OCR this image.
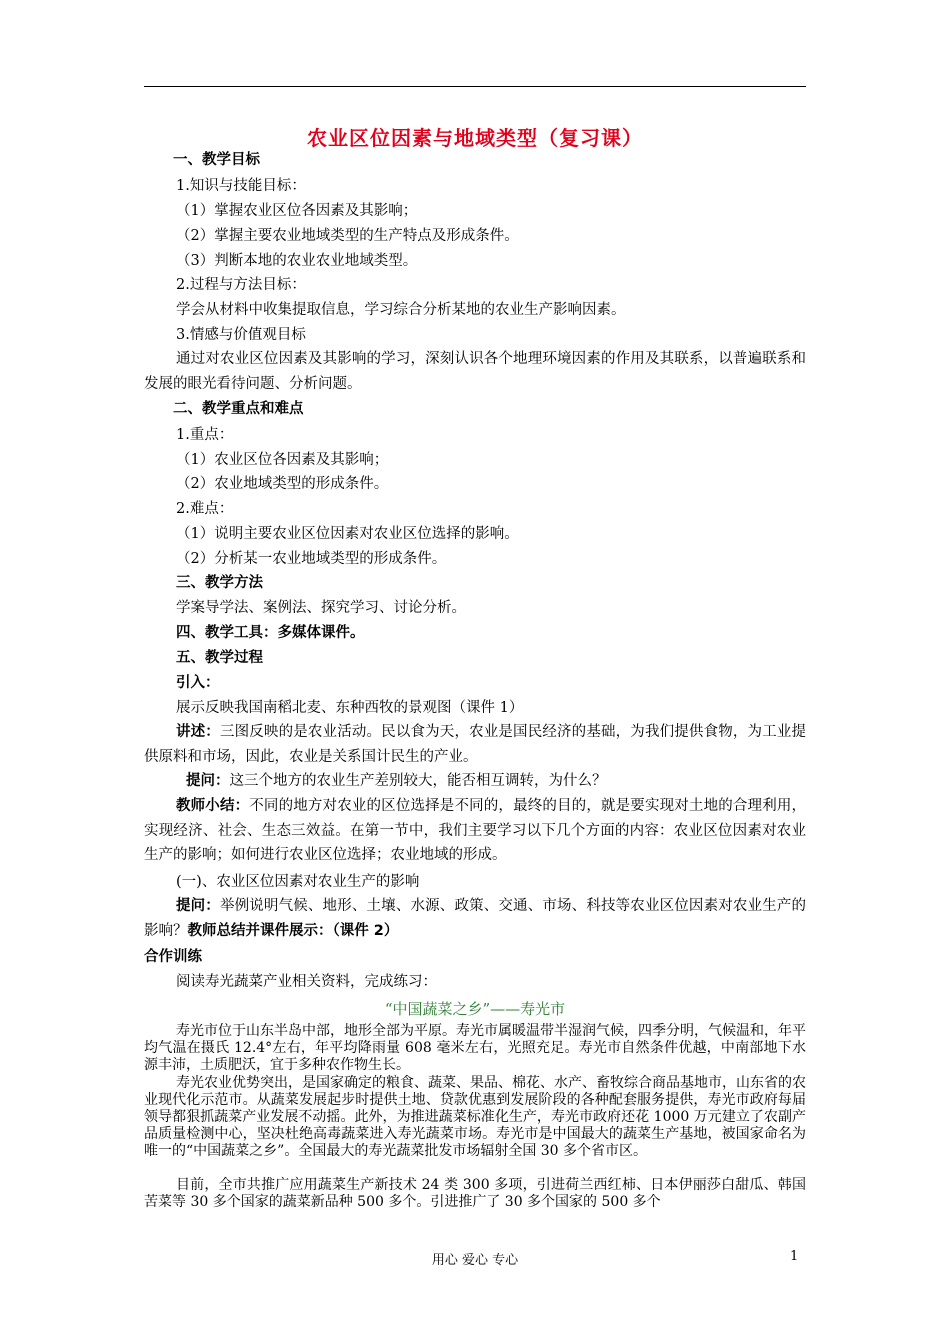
农业区位因素与地域类型（复习课）
一、教学目标
1.知识与技能目标：
（1）掌握农业区位各因素及其影响；
（2）掌握主要农业地域类型的生产特点及形成条件。
（3）判断本地的农业农业地域类型。
2.过程与方法目标：
学会从材料中收集提取信息，学习综合分析某地的农业生产影响因素。
3.情感与价值观目标
通过对农业区位因素及其影响的学习，深刻认识各个地理环境因素的作用及其联系，以普遍联系和发展的眼光看待问题、分析问题。
二、教学重点和难点
1.重点：
（1）农业区位各因素及其影响；
（2）农业地域类型的形成条件。
2.难点：
（1）说明主要农业区位因素对农业区位选择的影响。
（2）分析某一农业地域类型的形成条件。
三、教学方法
学案导学法、案例法、探究学习、讨论分析。
四、教学工具：多媒体课件。
五、教学过程
引入：
展示反映我国南稻北麦、东种西牧的景观图（课件 1）
讲述：三图反映的是农业活动。民以食为天，农业是国民经济的基础，为我们提供食物，为工业提供原料和市场，因此，农业是关系国计民生的产业。
提问：这三个地方的农业生产差别较大，能否相互调转，为什么？
教师小结：不同的地方对农业的区位选择是不同的，最终的目的，就是要实现对土地的合理利用，实现经济、社会、生态三效益。在第一节中，我们主要学习以下几个方面的内容：农业区位因素对农业生产的影响；如何进行农业区位选择；农业地域的形成。
(一)、农业区位因素对农业生产的影响
提问：举例说明气候、地形、土壤、水源、政策、交通、市场、科技等农业区位因素对农业生产的影响？教师总结并课件展示：（课件 2）
合作训练
阅读寿光蔬菜产业相关资料，完成练习：
“中国蔬菜之乡”——寿光市
寿光市位于山东半岛中部，地形全部为平原。寿光市属暖温带半湿润气候，四季分明，气候温和，年平均气温在摄氏 12.4°左右，年平均降雨量 608 毫米左右，光照充足。寿光市自然条件优越，中南部地下水源丰沛，土质肥沃，宜于多种农作物生长。
寿光农业优势突出，是国家确定的粮食、蔬菜、果品、棉花、水产、畜牧综合商品基地市，山东省的农业现代化示范市。从蔬菜发展起步时提供土地、贷款优惠到发展阶段的各种配套服务提供，寿光市政府每届领导都狠抓蔬菜产业发展不动摇。此外，为推进蔬菜标准化生产，寿光市政府还花 1000 万元建立了农副产品质量检测中心，坚决杜绝高毒蔬菜进入寿光蔬菜市场。寿光市是中国最大的蔬菜生产基地，被国家命名为唯一的“中国蔬菜之乡”。全国最大的寿光蔬菜批发市场辐射全国 30 多个省市区。
目前，全市共推广应用蔬菜生产新技术 24 类 300 多项，引进荷兰西红柿、日本伊丽莎白甜瓜、韩国苦菜等 30 多个国家的蔬菜新品种 500 多个。引进推广了 30 多个国家的 500 多个
用心 爱心 专心	1
